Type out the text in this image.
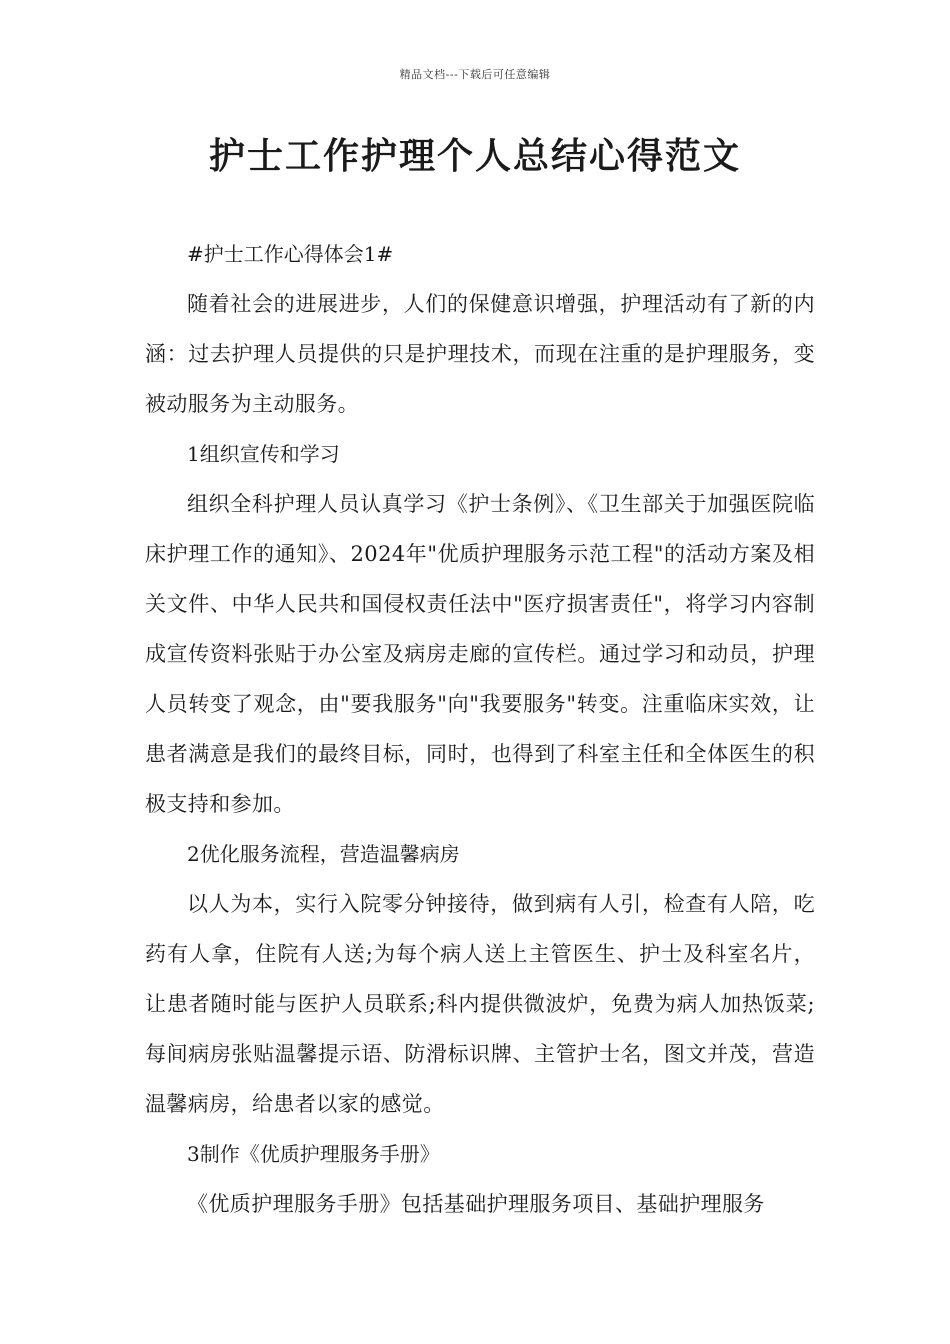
精品文档---下载后可任意编辑
护士工作护理个人总结心得范文

#护士工作心得体会1#

随着社会的进展进步，人们的保健意识增强，护理活动有了新的内涵：过去护理人员提供的只是护理技术，而现在注重的是护理服务，变被动服务为主动服务。

1组织宣传和学习

组织全科护理人员认真学习《护士条例》、《卫生部关于加强医院临床护理工作的通知》、2024年"优质护理服务示范工程"的活动方案及相关文件、中华人民共和国侵权责任法中"医疗损害责任"，将学习内容制成宣传资料张贴于办公室及病房走廊的宣传栏。通过学习和动员，护理人员转变了观念，由"要我服务"向"我要服务"转变。注重临床实效，让患者满意是我们的最终目标，同时，也得到了科室主任和全体医生的积极支持和参加。

2优化服务流程，营造温馨病房

以人为本，实行入院零分钟接待，做到病有人引，检查有人陪，吃药有人拿，住院有人送;为每个病人送上主管医生、护士及科室名片，让患者随时能与医护人员联系;科内提供微波炉，免费为病人加热饭菜;每间病房张贴温馨提示语、防滑标识牌、主管护士名，图文并茂，营造温馨病房，给患者以家的感觉。

3制作《优质护理服务手册》

《优质护理服务手册》包括基础护理服务项目、基础护理服务
